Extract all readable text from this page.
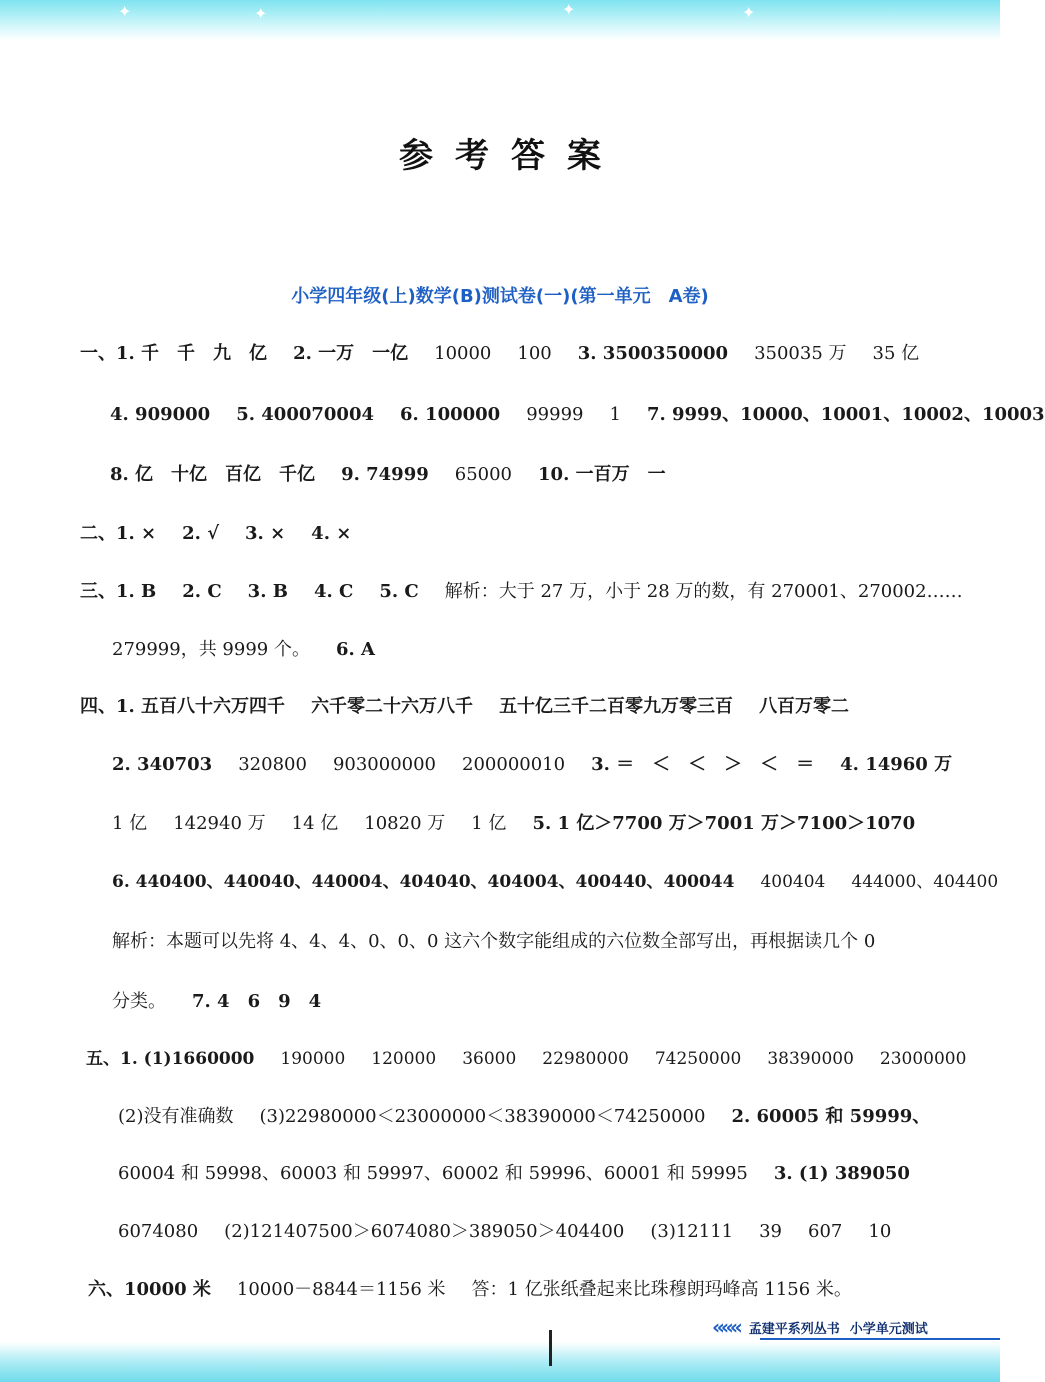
✦	✦	✦	✦
参考答案
小学四年级(上)数学(B)测试卷(一)(第一单元　A卷)
一、1. 千　千　九　亿 2. 一万　一亿 10000 100 3. 3500350000 350035 万 35 亿
4. 909000 5. 400070004 6. 100000 99999 1 7. 9999、10000、10001、10002、10003
8. 亿　十亿　百亿　千亿 9. 74999 65000 10. 一百万　一
二、1. × 2. √ 3. × 4. ×
三、1. B 2. C 3. B 4. C 5. C 解析：大于 27 万，小于 28 万的数，有 270001、270002……
279999，共 9999 个。 6. A
四、1. 五百八十六万四千 六千零二十六万八千 五十亿三千二百零九万零三百 八百万零二
2. 340703 320800 903000000 200000010 3. ＝　＜　＜　＞　＜　＝ 4. 14960 万
1 亿 142940 万 14 亿 10820 万 1 亿 5. 1 亿＞7700 万＞7001 万＞7100＞1070
6. 440400、440040、440004、404040、404004、400440、400044 400404 444000、404400
解析：本题可以先将 4、4、4、0、0、0 这六个数字能组成的六位数全部写出，再根据读几个 0
分类。 7. 4　6　9　4
五、1. (1)1660000 190000 120000 36000 22980000 74250000 38390000 23000000
(2)没有准确数 (3)22980000＜23000000＜38390000＜74250000 2. 60005 和 59999、
60004 和 59998、60003 和 59997、60002 和 59996、60001 和 59995 3. (1) 389050
6074080 (2)121407500＞6074080＞389050＞404400 (3)12111 39 607 10
六、10000 米 10000－8844＝1156 米 答：1 亿张纸叠起来比珠穆朗玛峰高 1156 米。
««« 孟建平系列丛书 小学单元测试
